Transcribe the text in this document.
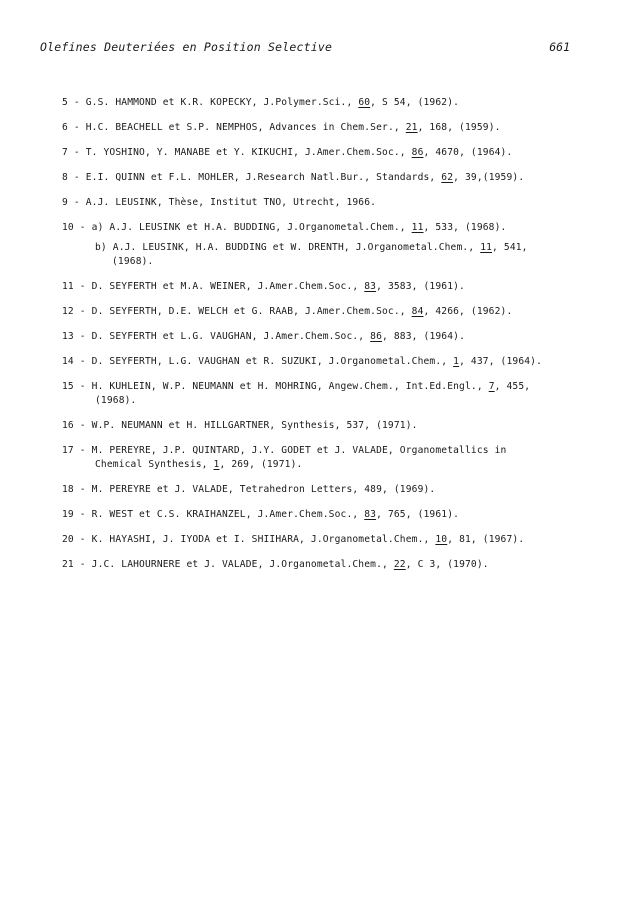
Olefines Deuteriées en Position Selective	661
5 - G.S. HAMMOND et K.R. KOPECKY, J.Polymer.Sci., 60, S 54, (1962).
6 - H.C. BEACHELL et S.P. NEMPHOS, Advances in Chem.Ser., 21, 168, (1959).
7 - T. YOSHINO, Y. MANABE et Y. KIKUCHI, J.Amer.Chem.Soc., 86, 4670, (1964).
8 - E.I. QUINN et F.L. MOHLER, J.Research Natl.Bur., Standards, 62, 39,(1959).
9 - A.J. LEUSINK, Thèse, Institut TNO, Utrecht, 1966.
10 - a) A.J. LEUSINK et H.A. BUDDING, J.Organometal.Chem., 11, 533, (1968).
b) A.J. LEUSINK, H.A. BUDDING et W. DRENTH, J.Organometal.Chem., 11, 541,
(1968).
11 - D. SEYFERTH et M.A. WEINER, J.Amer.Chem.Soc., 83, 3583, (1961).
12 - D. SEYFERTH, D.E. WELCH et G. RAAB, J.Amer.Chem.Soc., 84, 4266, (1962).
13 - D. SEYFERTH et L.G. VAUGHAN, J.Amer.Chem.Soc., 86, 883, (1964).
14 - D. SEYFERTH, L.G. VAUGHAN et R. SUZUKI, J.Organometal.Chem., 1, 437, (1964).
15 - H. KUHLEIN, W.P. NEUMANN et H. MOHRING, Angew.Chem., Int.Ed.Engl., 7, 455,
(1968).
16 - W.P. NEUMANN et H. HILLGARTNER, Synthesis, 537, (1971).
17 - M. PEREYRE, J.P. QUINTARD, J.Y. GODET et J. VALADE, Organometallics in
Chemical Synthesis, 1, 269, (1971).
18 - M. PEREYRE et J. VALADE, Tetrahedron Letters, 489, (1969).
19 - R. WEST et C.S. KRAIHANZEL, J.Amer.Chem.Soc., 83, 765, (1961).
20 - K. HAYASHI, J. IYODA et I. SHIIHARA, J.Organometal.Chem., 10, 81, (1967).
21 - J.C. LAHOURNERE et J. VALADE, J.Organometal.Chem., 22, C 3, (1970).
